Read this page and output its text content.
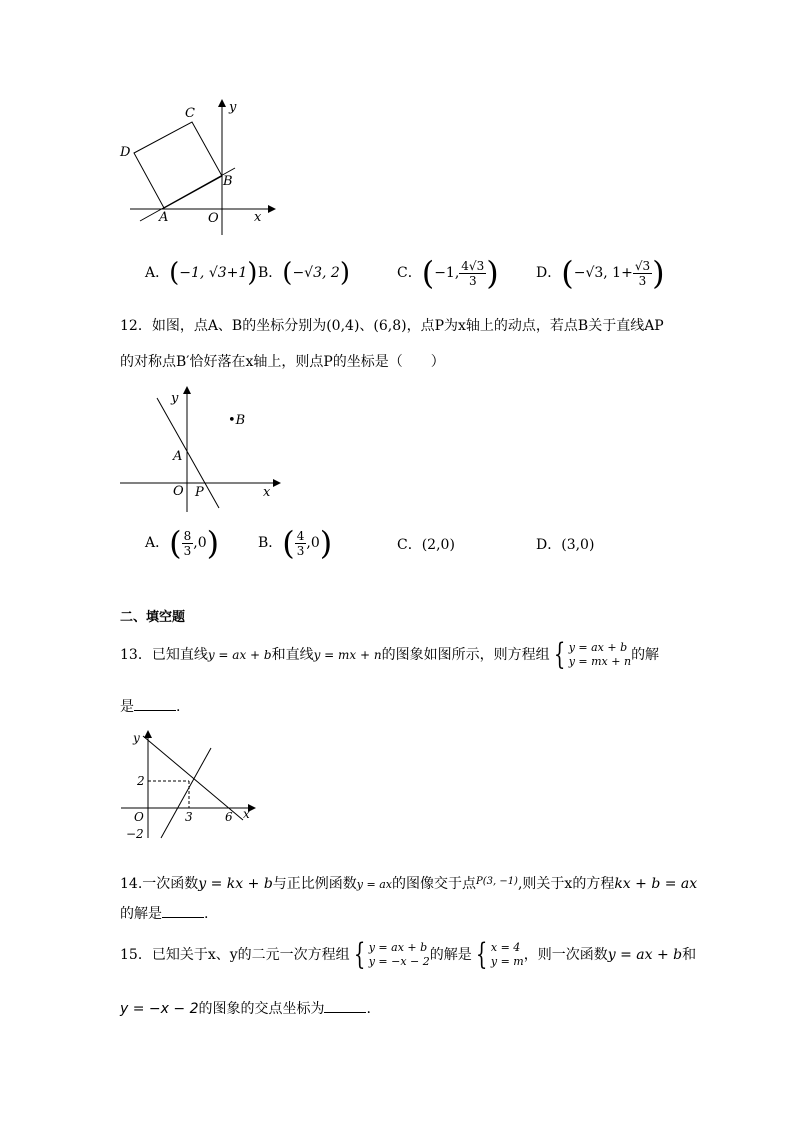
C
D
B
A	O	x
y
A．(−1, √3+1) B．(−√3, 2)	C．(−1, $\frac{4√3}{3}$ )	D．(−√3, $1+ \frac{√3}{3}$ )
12．如图，点A、B的坐标分别为(0,4)、(6,8)，点P为x轴上的动点，若点B关于直线AP
的对称点B′恰好落在x轴上，则点P的坐标是（　　）
y
•B
A
O P	x
A．( $\frac{8}{3} ,0$)	B．( $\frac{4}{3} ,0$)	C．(2,0)	D．(3,0)
二、填空题
13．已知直线y = ax + b和直线y = mx + n的图象如图所示，则方程组 { y = ax + b
y = mx + n 的解
是	.
y
2
O	3	6 x
−2
14.一次函数y = kx + b与正比例函数y = ax的图像交于点$^{P(3, -1)}$,则关于x的方程kx + b = ax
的解是	.
15．已知关于x、y的二元一次方程组 { y = ax + b
y = −x − 2 的解是 { x = 4
y = m ，则一次函数y = ax + b和
y = −x − 2的图象的交点坐标为	.
